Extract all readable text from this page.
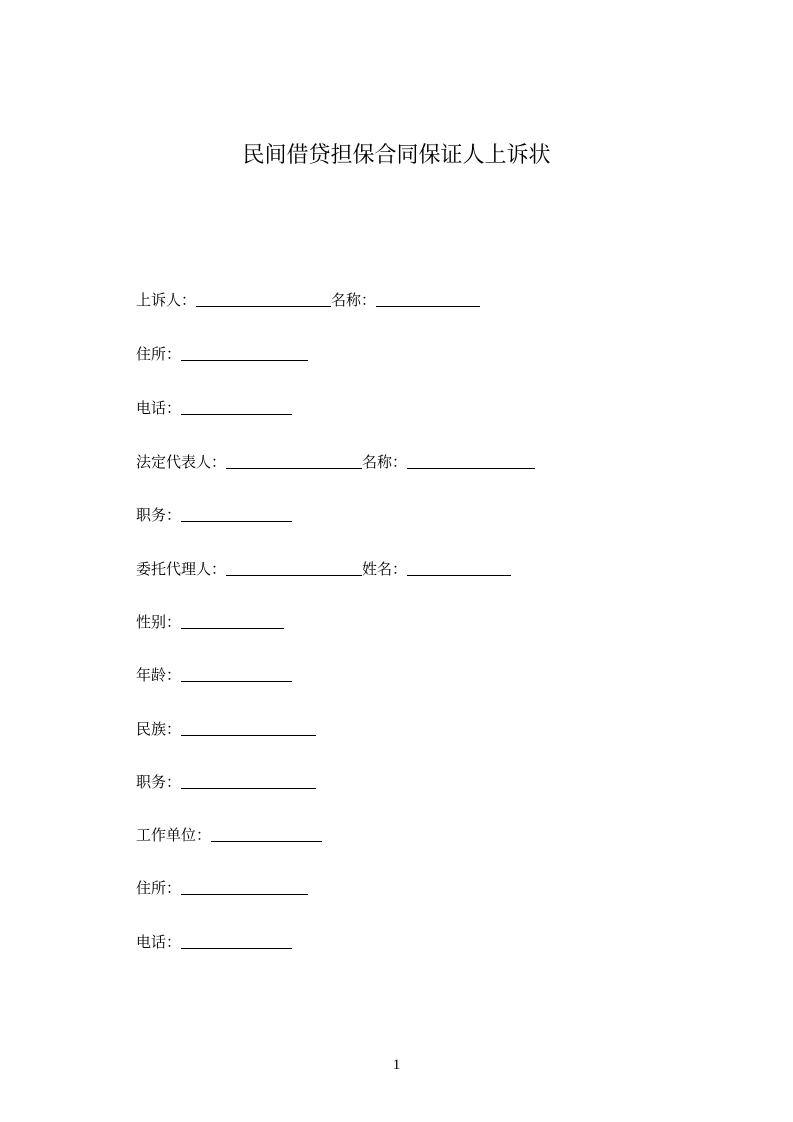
民间借贷担保合同保证人上诉状
上诉人：	名称：
住所：
电话：
法定代表人：	名称：
职务：
委托代理人：	姓名：
性别：
年龄：
民族：
职务：
工作单位：
住所：
电话：
1
